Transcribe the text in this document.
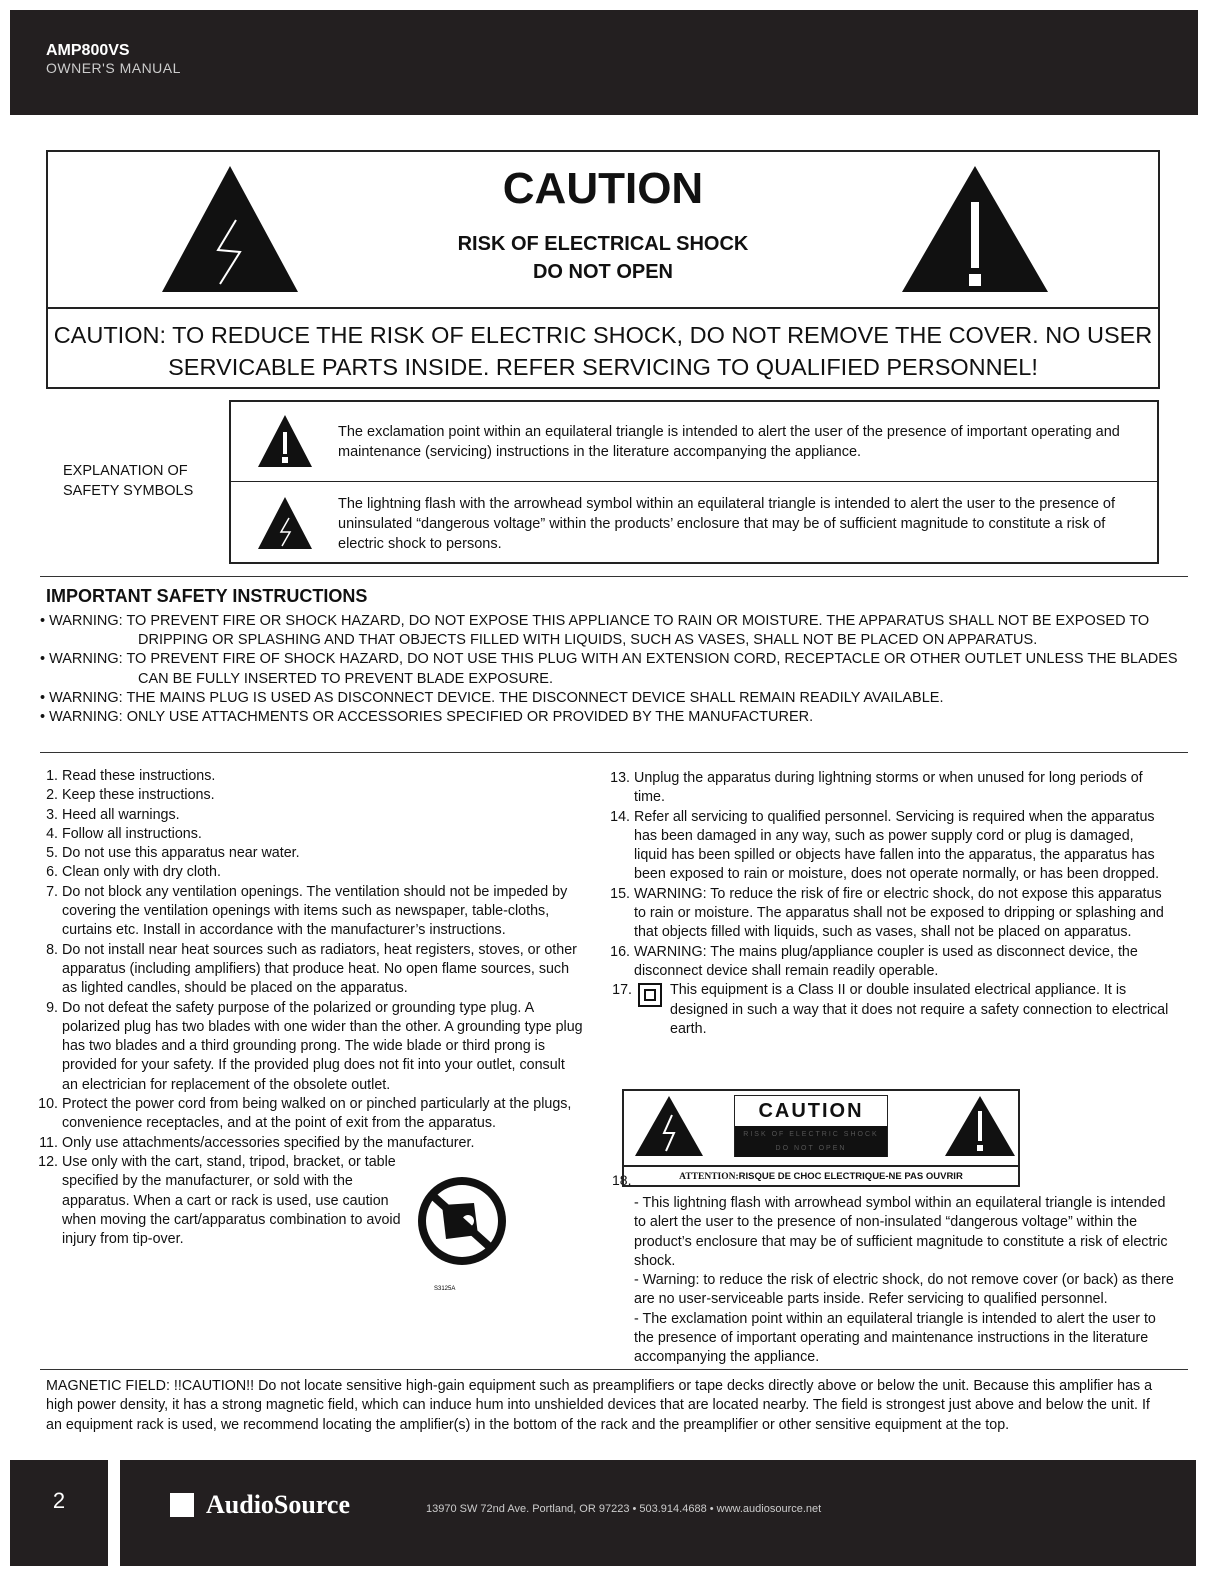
AMP800VS
OWNER'S MANUAL
CAUTION
RISK OF ELECTRICAL SHOCK
DO NOT OPEN
CAUTION: TO REDUCE THE RISK OF ELECTRIC SHOCK, DO NOT REMOVE THE COVER. NO USER SERVICABLE PARTS INSIDE. REFER SERVICING TO QUALIFIED PERSONNEL!
EXPLANATION OF
SAFETY SYMBOLS
The exclamation point within an equilateral triangle is intended to alert the user of the presence of important operating and maintenance (servicing) instructions in the literature accompanying the appliance.
The lightning flash with the arrowhead symbol within an equilateral triangle is intended to alert the user to the presence of uninsulated “dangerous voltage” within the products’ enclosure that may be of sufficient magnitude to constitute a risk of electric shock to persons.
IMPORTANT SAFETY INSTRUCTIONS
• WARNING: TO PREVENT FIRE OR SHOCK HAZARD, DO NOT EXPOSE THIS APPLIANCE TO RAIN OR MOISTURE. THE APPARATUS SHALL NOT BE EXPOSED TO DRIPPING OR SPLASHING AND THAT OBJECTS FILLED WITH LIQUIDS, SUCH AS VASES, SHALL NOT BE PLACED ON APPARATUS.
• WARNING: TO PREVENT FIRE OF SHOCK HAZARD, DO NOT USE THIS PLUG WITH AN EXTENSION CORD, RECEPTACLE OR OTHER OUTLET UNLESS THE BLADES CAN BE FULLY INSERTED TO PREVENT BLADE EXPOSURE.
• WARNING: THE MAINS PLUG IS USED AS DISCONNECT DEVICE. THE DISCONNECT DEVICE SHALL REMAIN READILY AVAILABLE.
• WARNING: ONLY USE ATTACHMENTS OR ACCESSORIES SPECIFIED OR PROVIDED BY THE MANUFACTURER.
1. Read these instructions.
2. Keep these instructions.
3. Heed all warnings.
4. Follow all instructions.
5. Do not use this apparatus near water.
6. Clean only with dry cloth.
7. Do not block any ventilation openings. The ventilation should not be impeded by covering the ventilation openings with items such as newspaper, table-cloths, curtains etc. Install in accordance with the manufacturer’s instructions.
8. Do not install near heat sources such as radiators, heat registers, stoves, or other apparatus (including amplifiers) that produce heat. No open flame sources, such as lighted candles, should be placed on the apparatus.
9. Do not defeat the safety purpose of the polarized or grounding type plug. A polarized plug has two blades with one wider than the other. A grounding type plug has two blades and a third grounding prong. The wide blade or third prong is provided for your safety. If the provided plug does not fit into your outlet, consult an electrician for replacement of the obsolete outlet.
10. Protect the power cord from being walked on or pinched particularly at the plugs, convenience receptacles, and at the point of exit from the apparatus.
11. Only use attachments/accessories specified by the manufacturer.
12. Use only with the cart, stand, tripod, bracket, or table specified by the manufacturer, or sold with the apparatus. When a cart or rack is used, use caution when moving the cart/apparatus combination to avoid injury from tip-over.
S3125A
13. Unplug the apparatus during lightning storms or when unused for long periods of time.
14. Refer all servicing to qualified personnel. Servicing is required when the apparatus has been damaged in any way, such as power supply cord or plug is damaged, liquid has been spilled or objects have fallen into the apparatus, the apparatus has been exposed to rain or moisture, does not operate normally, or has been dropped.
15. WARNING: To reduce the risk of fire or electric shock, do not expose this apparatus to rain or moisture. The apparatus shall not be exposed to dripping or splashing and that objects filled with liquids, such as vases, shall not be placed on apparatus.
16. WARNING: The mains plug/appliance coupler is used as disconnect device, the disconnect device shall remain readily operable.
17.	This equipment is a Class II or double insulated electrical appliance. It is designed in such a way that it does not require a safety connection to electrical earth.
18.
CAUTION
RISK OF ELECTRIC SHOCK
DO NOT OPEN
ATTENTION:RISQUE DE CHOC ELECTRIQUE-NE PAS OUVRIR
- This lightning flash with arrowhead symbol within an equilateral triangle is intended to alert the user to the presence of non-insulated “dangerous voltage” within the product’s enclosure that may be of sufficient magnitude to constitute a risk of electric shock.
- Warning: to reduce the risk of electric shock, do not remove cover (or back) as there are no user-serviceable parts inside. Refer servicing to qualified personnel.
- The exclamation point within an equilateral triangle is intended to alert the user to the presence of important operating and maintenance instructions in the literature accompanying the appliance.
MAGNETIC FIELD: !!CAUTION!! Do not locate sensitive high-gain equipment such as preamplifiers or tape decks directly above or below the unit. Because this amplifier has a high power density, it has a strong magnetic field, which can induce hum into unshielded devices that are located nearby. The field is strongest just above and below the unit. If an equipment rack is used, we recommend locating the amplifier(s) in the bottom of the rack and the preamplifier or other sensitive equipment at the top.
2	AudioSource	13970 SW 72nd Ave. Portland, OR 97223 • 503.914.4688 • www.audiosource.net
